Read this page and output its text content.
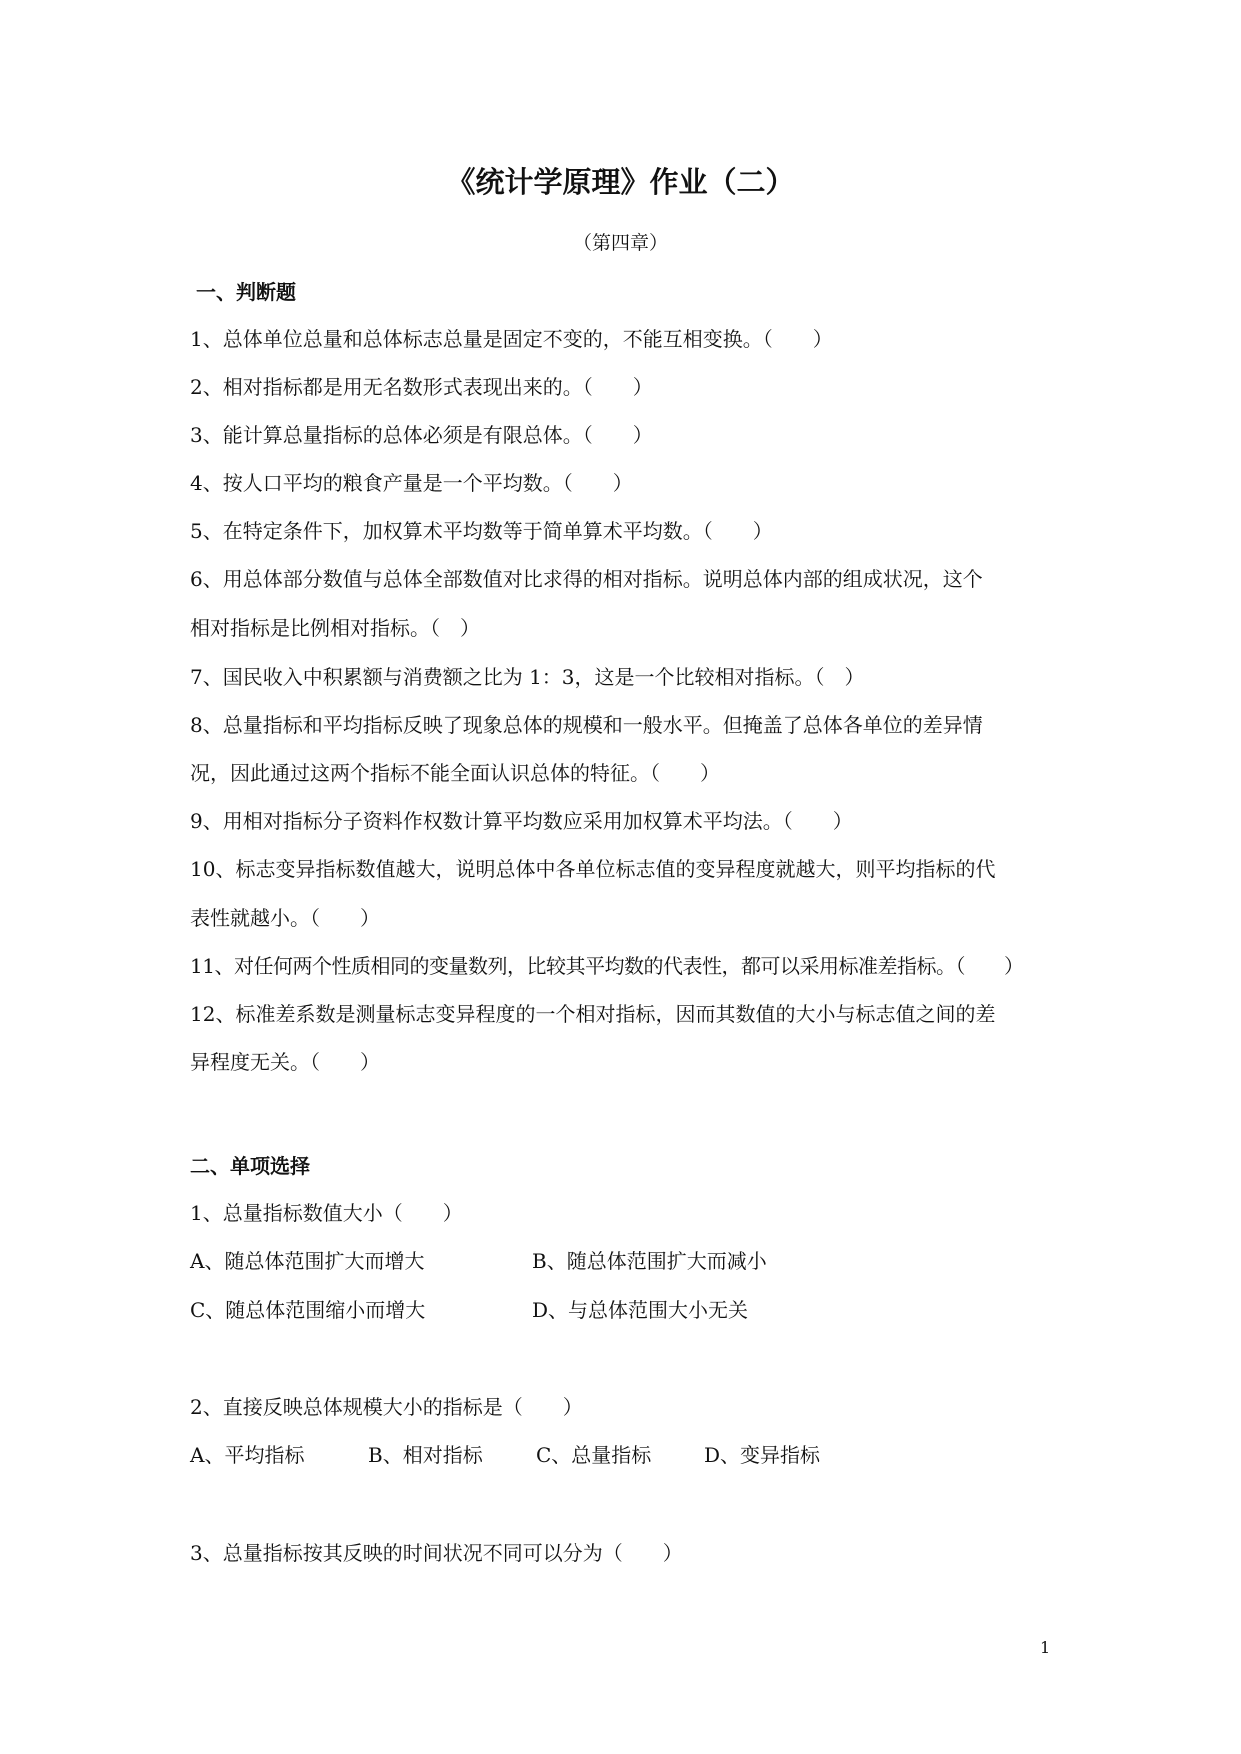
《统计学原理》作业（二）
（第四章）
一、判断题
1、总体单位总量和总体标志总量是固定不变的，不能互相变换。（　　）
2、相对指标都是用无名数形式表现出来的。（　　）
3、能计算总量指标的总体必须是有限总体。（　　）
4、按人口平均的粮食产量是一个平均数。（　　）
5、在特定条件下，加权算术平均数等于简单算术平均数。（　　）
6、用总体部分数值与总体全部数值对比求得的相对指标。说明总体内部的组成状况，这个
相对指标是比例相对指标。（　）
7、国民收入中积累额与消费额之比为 1：3，这是一个比较相对指标。（　）
8、总量指标和平均指标反映了现象总体的规模和一般水平。但掩盖了总体各单位的差异情
况，因此通过这两个指标不能全面认识总体的特征。（　　）
9、用相对指标分子资料作权数计算平均数应采用加权算术平均法。（　　）
10、标志变异指标数值越大，说明总体中各单位标志值的变异程度就越大，则平均指标的代
表性就越小。（　　）
11、对任何两个性质相同的变量数列，比较其平均数的代表性，都可以采用标准差指标。（　　）
12、标准差系数是测量标志变异程度的一个相对指标，因而其数值的大小与标志值之间的差
异程度无关。（　　）
二、单项选择
1、总量指标数值大小（　　）
A、随总体范围扩大而增大	B、随总体范围扩大而减小
C、随总体范围缩小而增大	D、与总体范围大小无关
2、直接反映总体规模大小的指标是（　　）
A、平均指标	B、相对指标	C、总量指标	D、变异指标
3、总量指标按其反映的时间状况不同可以分为（　　）
1
